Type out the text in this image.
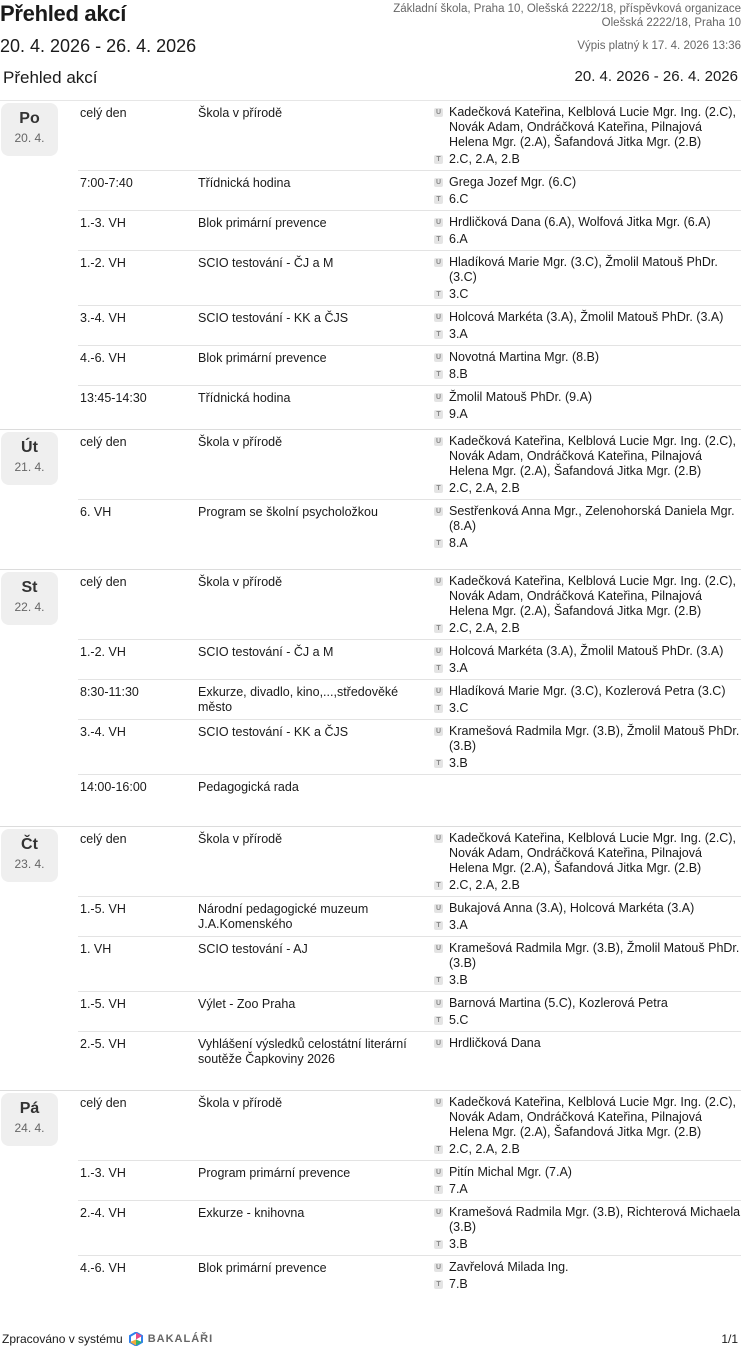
Přehled akcí
20. 4. 2026 - 26. 4. 2026
Základní škola, Praha 10, Olešská 2222/18, příspěvková organizace
Olešská 2222/18, Praha 10
Výpis platný k 17. 4. 2026 13:36
Přehled akcí	20. 4. 2026 - 26. 4. 2026
Po
20. 4.
celý den	Škola v přírodě	U Kadečková Kateřina, Kelblová Lucie Mgr. Ing. (2.C), Novák Adam, Ondráčková Kateřina, Pilnajová Helena Mgr. (2.A), Šafandová Jitka Mgr. (2.B)
T 2.C, 2.A, 2.B
7:00-7:40	Třídnická hodina	U Grega Jozef Mgr. (6.C)
T 6.C
1.-3. VH	Blok primární prevence	U Hrdličková Dana (6.A), Wolfová Jitka Mgr. (6.A)
T 6.A
1.-2. VH	SCIO testování - ČJ a M	U Hladíková Marie Mgr. (3.C), Žmolil Matouš PhDr. (3.C)
T 3.C
3.-4. VH	SCIO testování - KK a ČJS	U Holcová Markéta (3.A), Žmolil Matouš PhDr. (3.A)
T 3.A
4.-6. VH	Blok primární prevence	U Novotná Martina Mgr. (8.B)
T 8.B
13:45-14:30	Třídnická hodina	U Žmolil Matouš PhDr. (9.A)
T 9.A
Út
21. 4.
celý den	Škola v přírodě	U Kadečková Kateřina, Kelblová Lucie Mgr. Ing. (2.C), Novák Adam, Ondráčková Kateřina, Pilnajová Helena Mgr. (2.A), Šafandová Jitka Mgr. (2.B)
T 2.C, 2.A, 2.B
6. VH	Program se školní psycholožkou	U Sestřenková Anna Mgr., Zelenohorská Daniela Mgr. (8.A)
T 8.A
St
22. 4.
celý den	Škola v přírodě	U Kadečková Kateřina, Kelblová Lucie Mgr. Ing. (2.C), Novák Adam, Ondráčková Kateřina, Pilnajová Helena Mgr. (2.A), Šafandová Jitka Mgr. (2.B)
T 2.C, 2.A, 2.B
1.-2. VH	SCIO testování - ČJ a M	U Holcová Markéta (3.A), Žmolil Matouš PhDr. (3.A)
T 3.A
8:30-11:30	Exkurze, divadlo, kino,...,středověké město
U Hladíková Marie Mgr. (3.C), Kozlerová Petra (3.C)
T 3.C
3.-4. VH	SCIO testování - KK a ČJS	U Kramešová Radmila Mgr. (3.B), Žmolil Matouš PhDr. (3.B)
T 3.B
14:00-16:00	Pedagogická rada
Čt
23. 4.
celý den	Škola v přírodě	U Kadečková Kateřina, Kelblová Lucie Mgr. Ing. (2.C), Novák Adam, Ondráčková Kateřina, Pilnajová Helena Mgr. (2.A), Šafandová Jitka Mgr. (2.B)
T 2.C, 2.A, 2.B
1.-5. VH	Národní pedagogické muzeum J.A.Komenského
U Bukajová Anna (3.A), Holcová Markéta (3.A)
T 3.A
1. VH	SCIO testování - AJ	U Kramešová Radmila Mgr. (3.B), Žmolil Matouš PhDr. (3.B)
T 3.B
1.-5. VH	Výlet - Zoo Praha	U Barnová Martina (5.C), Kozlerová Petra
T 5.C
2.-5. VH	Vyhlášení výsledků celostátní literární soutěže Čapkoviny 2026
U Hrdličková Dana
Pá
24. 4.
celý den	Škola v přírodě	U Kadečková Kateřina, Kelblová Lucie Mgr. Ing. (2.C), Novák Adam, Ondráčková Kateřina, Pilnajová Helena Mgr. (2.A), Šafandová Jitka Mgr. (2.B)
T 2.C, 2.A, 2.B
1.-3. VH	Program primární prevence	U Pitín Michal Mgr. (7.A)
T 7.A
2.-4. VH	Exkurze - knihovna	U Kramešová Radmila Mgr. (3.B), Richterová Michaela (3.B)
T 3.B
4.-6. VH	Blok primární prevence	U Zavřelová Milada Ing.
T 7.B
Zpracováno v systému BAKALÁŘI	1/1
